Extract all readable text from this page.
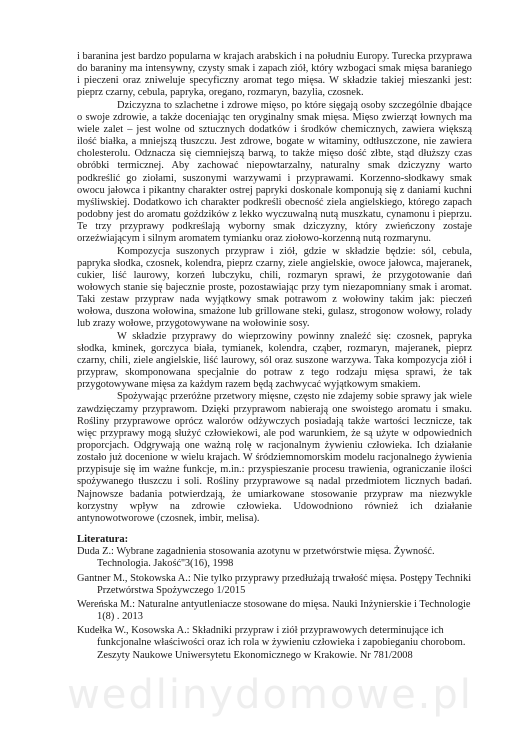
i baranina jest bardzo popularna w krajach arabskich i na południu Europy. Turecka przyprawa do baraniny ma intensywny, czysty smak i zapach ziół, który wzbogaci smak mięsa baraniego i pieczeni oraz zniweluje specyficzny aromat tego mięsa. W składzie takiej mieszanki jest: pieprz czarny, cebula, papryka, oregano, rozmaryn, bazylia, czosnek.

Dziczyzna to szlachetne i zdrowe mięso, po które sięgają osoby szczególnie dbające o swoje zdrowie, a także doceniając ten oryginalny smak mięsa. Mięso zwierząt łownych ma wiele zalet – jest wolne od sztucznych dodatków i środków chemicznych, zawiera większą ilość białka, a mniejszą tłuszczu. Jest zdrowe, bogate w witaminy, odtłuszczone, nie zawiera cholesterolu. Odznacza się ciemniejszą barwą, to także mięso dość złbte, stąd dłuższy czas obróbki termicznej. Aby zachować niepowtarzalny, naturalny smak dziczyzny warto podkreślić go ziołami, suszonymi warzywami i przyprawami. Korzenno-słodkawy smak owocu jałowca i pikantny charakter ostrej papryki doskonale komponują się z daniami kuchni myśliwskiej. Dodatkowo ich charakter podkreśli obecność ziela angielskiego, którego zapach podobny jest do aromatu goździków z lekko wyczuwalną nutą muszkatu, cynamonu i pieprzu. Te trzy przyprawy podkreślają wyborny smak dziczyzny, który zwieńczony zostaje orzeźwiającym i silnym aromatem tymianku oraz ziołowo-korzenną nutą rozmarynu.

Kompozycja suszonych przypraw i ziół, gdzie w składzie będzie: sól, cebula, papryka słodka, czosnek, kolendra, pieprz czarny, ziele angielskie, owoce jałowca, majeranek, cukier, liść laurowy, korzeń lubczyku, chili, rozmaryn sprawi, że przygotowanie dań wołowych stanie się bajecznie proste, pozostawiając przy tym niezapomniany smak i aromat. Taki zestaw przypraw nada wyjątkowy smak potrawom z wołowiny takim jak: pieczeń wołowa, duszona wołowina, smażone lub grillowane steki, gulasz, strogonow wołowy, rolady lub zrazy wołowe, przygotowywane na wołowinie sosy.

W składzie przyprawy do wieprzowiny powinny znaleźć się: czosnek, papryka słodka, kminek, gorczyca biała, tymianek, kolendra, cząber, rozmaryn, majeranek, pieprz czarny, chili, ziele angielskie, liść laurowy, sól oraz suszone warzywa. Taka kompozycja ziół i przypraw, skomponowana specjalnie do potraw z tego rodzaju mięsa sprawi, że tak przygotowywane mięsa za każdym razem będą zachwycać wyjątkowym smakiem.

Spożywając przeróżne przetwory mięsne, często nie zdajemy sobie sprawy jak wiele zawdzięczamy przyprawom. Dzięki przyprawom nabierają one swoistego aromatu i smaku. Rośliny przyprawowe oprócz walorów odżywczych posiadają także wartości lecznicze, tak więc przyprawy mogą służyć człowiekowi, ale pod warunkiem, że są użyte w odpowiednich proporcjach. Odgrywają one ważną rolę w racjonalnym żywieniu człowieka. Ich działanie zostało już docenione w wielu krajach. W śródziemnomorskim modelu racjonalnego żywienia przypisuje się im ważne funkcje, m.in.: przyspieszanie procesu trawienia, ograniczanie ilości spożywanego tłuszczu i soli. Rośliny przyprawowe są nadal przedmiotem licznych badań. Najnowsze badania potwierdzają, że umiarkowane stosowanie przypraw ma niezwykle korzystny wpływ na zdrowie człowieka. Udowodniono również ich działanie antynowotworowe (czosnek, imbir, melisa).

Literatura:
Duda Z.: Wybrane zagadnienia stosowania azotynu w przetwórstwie mięsa. Żywność. Technologia. Jakość''3(16), 1998
Gantner M., Stokowska A.: Nie tylko przyprawy przedłużają trwałość mięsa. Postępy Techniki Przetwórstwa Spożywczego 1/2015
Wereńska M.: Naturalne antyutleniacze stosowane do mięsa. Nauki Inżynierskie i Technologie 1(8) . 2013
Kudełka W., Kosowska A.: Składniki przypraw i ziół przyprawowych determinujące ich funkcjonalne właściwości oraz ich rola w żywieniu człowieka i zapobieganiu chorobom. Zeszyty Naukowe Uniwersytetu Ekonomicznego w Krakowie. Nr 781/2008
wedlinydomowe.pl
